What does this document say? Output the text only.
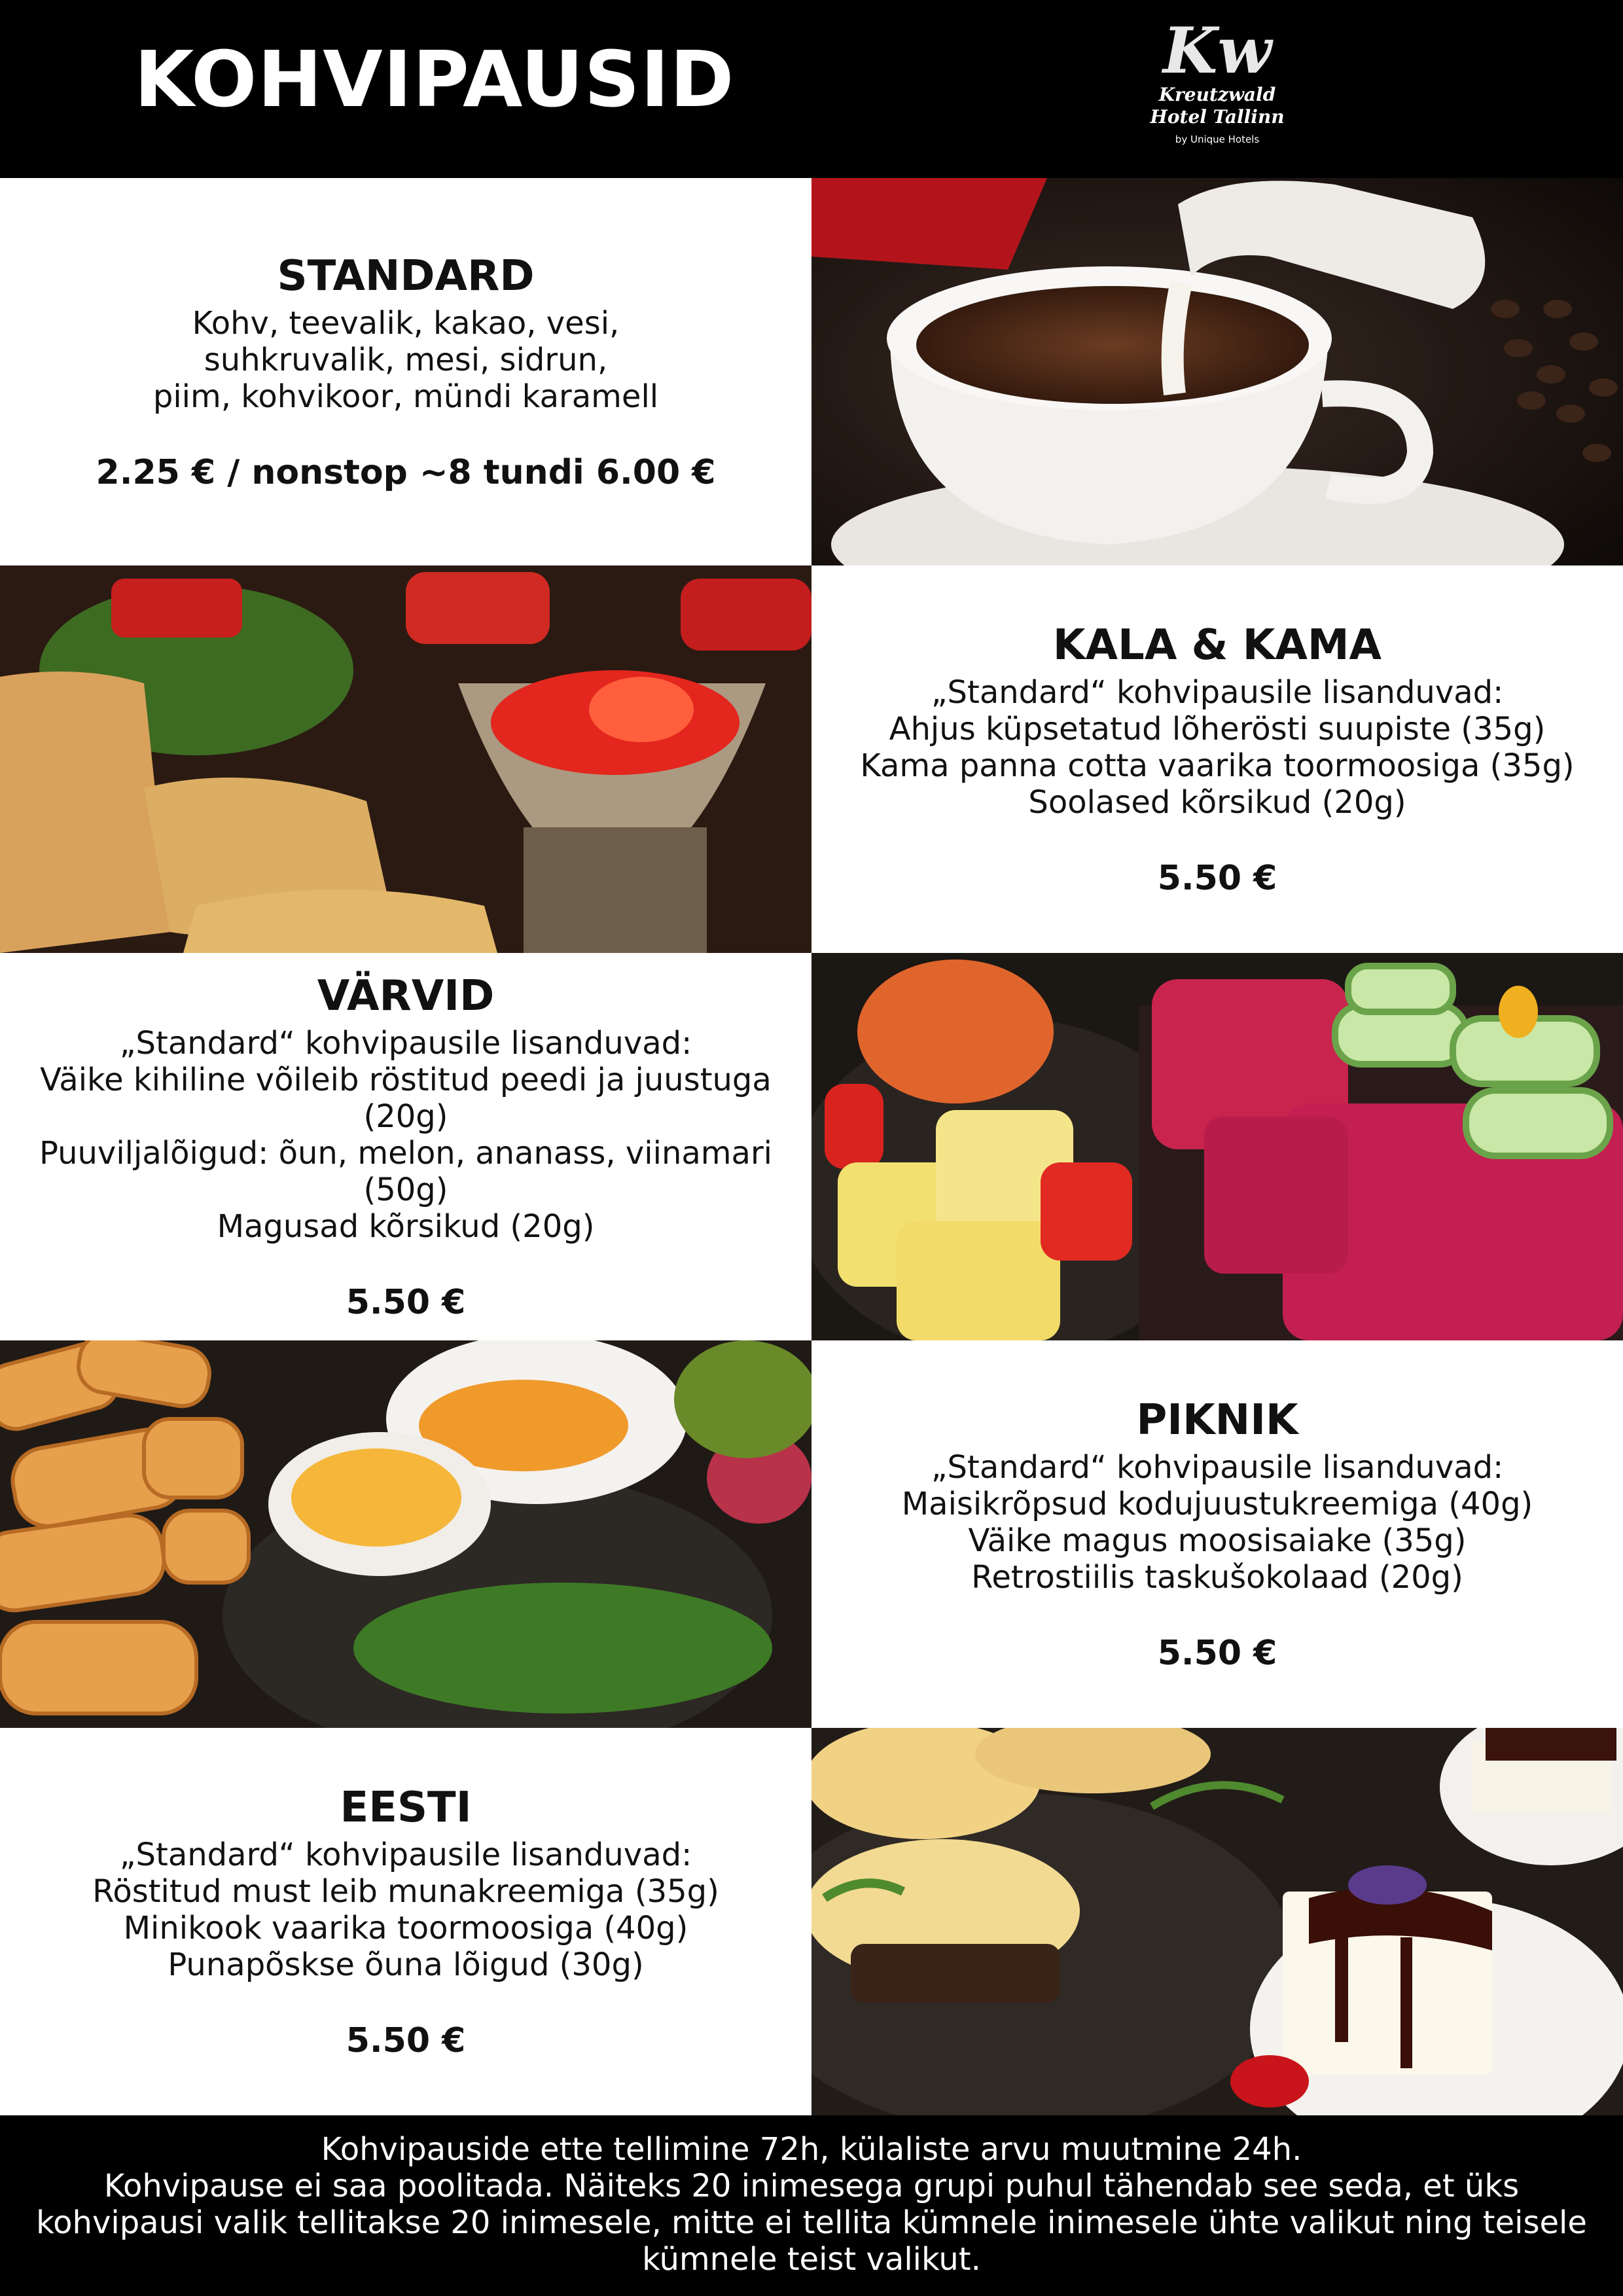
KOHVIPAUSID	Kw
Kreutzwald
Hotel Tallinn
by Unique Hotels
STANDARD
Kohv, teevalik, kakao, vesi,
suhkruvalik, mesi, sidrun,
piim, kohvikoor, mündi karamell
2.25 € / nonstop ~8 tundi 6.00 €
KALA & KAMA
„Standard“ kohvipausile lisanduvad:
Ahjus küpsetatud lõherösti suupiste (35g)
Kama panna cotta vaarika toormoosiga (35g)
Soolased kõrsikud (20g)
5.50 €
VÄRVID
„Standard“ kohvipausile lisanduvad:
Väike kihiline võileib röstitud peedi ja juustuga
(20g)
Puuviljalõigud: õun, melon, ananass, viinamari
(50g)
Magusad kõrsikud (20g)
5.50 €
PIKNIK
„Standard“ kohvipausile lisanduvad:
Maisikrõpsud kodujuustukreemiga (40g)
Väike magus moosisaiake (35g)
Retrostiilis taskušokolaad (20g)
5.50 €
EESTI
„Standard“ kohvipausile lisanduvad:
Röstitud must leib munakreemiga (35g)
Minikook vaarika toormoosiga (40g)
Punapõskse õuna lõigud (30g)
5.50 €
Kohvipauside ette tellimine 72h, külaliste arvu muutmine 24h.
Kohvipause ei saa poolitada. Näiteks 20 inimesega grupi puhul tähendab see seda, et üks
kohvipausi valik tellitakse 20 inimesele, mitte ei tellita kümnele inimesele ühte valikut ning teisele
kümnele teist valikut.
